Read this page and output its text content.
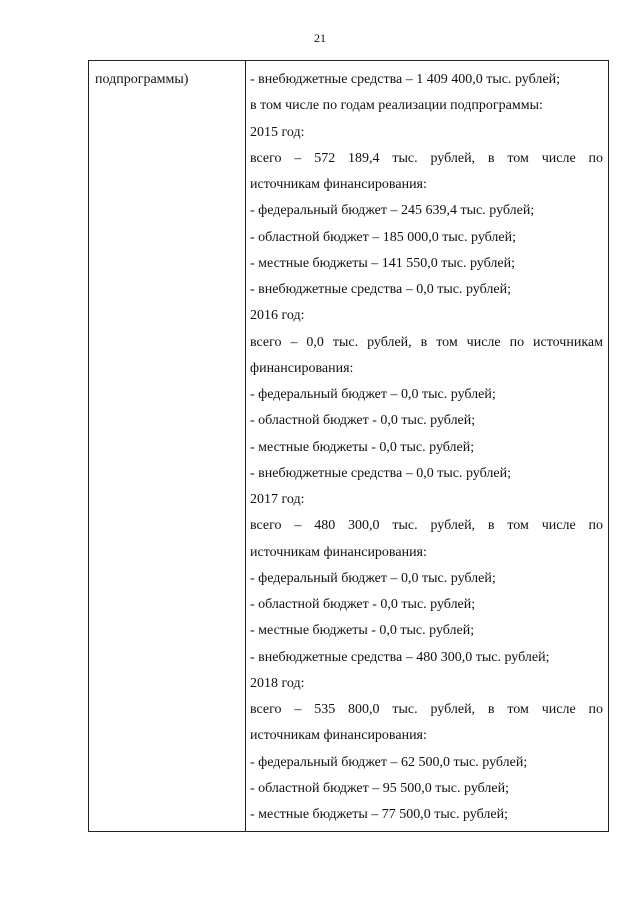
21
подпрограммы)	- внебюджетные средства – 1 409 400,0 тыс. рублей;
в том числе по годам реализации подпрограммы:
2015 год:
всего – 572 189,4 тыс. рублей, в том числе по
источникам финансирования:
- федеральный бюджет – 245 639,4 тыс. рублей;
- областной бюджет – 185 000,0 тыс. рублей;
- местные бюджеты – 141 550,0 тыс. рублей;
- внебюджетные средства – 0,0 тыс. рублей;
2016 год:
всего – 0,0 тыс. рублей, в том числе по источникам
финансирования:
- федеральный бюджет – 0,0 тыс. рублей;
- областной бюджет - 0,0 тыс. рублей;
- местные бюджеты - 0,0 тыс. рублей;
- внебюджетные средства – 0,0 тыс. рублей;
2017 год:
всего – 480 300,0 тыс. рублей, в том числе по
источникам финансирования:
- федеральный бюджет – 0,0 тыс. рублей;
- областной бюджет - 0,0 тыс. рублей;
- местные бюджеты - 0,0 тыс. рублей;
- внебюджетные средства – 480 300,0 тыс. рублей;
2018 год:
всего – 535 800,0 тыс. рублей, в том числе по
источникам финансирования:
- федеральный бюджет – 62 500,0 тыс. рублей;
- областной бюджет – 95 500,0 тыс. рублей;
- местные бюджеты – 77 500,0 тыс. рублей;
